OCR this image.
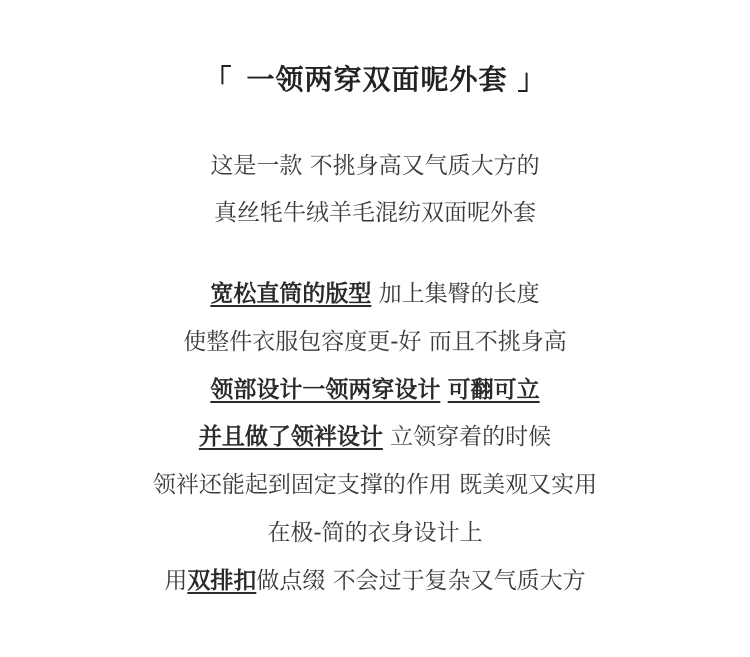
「 一领两穿双面呢外套 」
这是一款 不挑身高又气质大方的
真丝牦牛绒羊毛混纺双面呢外套
宽松直筒的版型 加上集臀的长度
使整件衣服包容度更-好 而且不挑身高
领部设计一领两穿设计 可翻可立
并且做了领袢设计 立领穿着的时候
领袢还能起到固定支撑的作用 既美观又实用
在极-简的衣身设计上
用双排扣做点缀 不会过于复杂又气质大方
